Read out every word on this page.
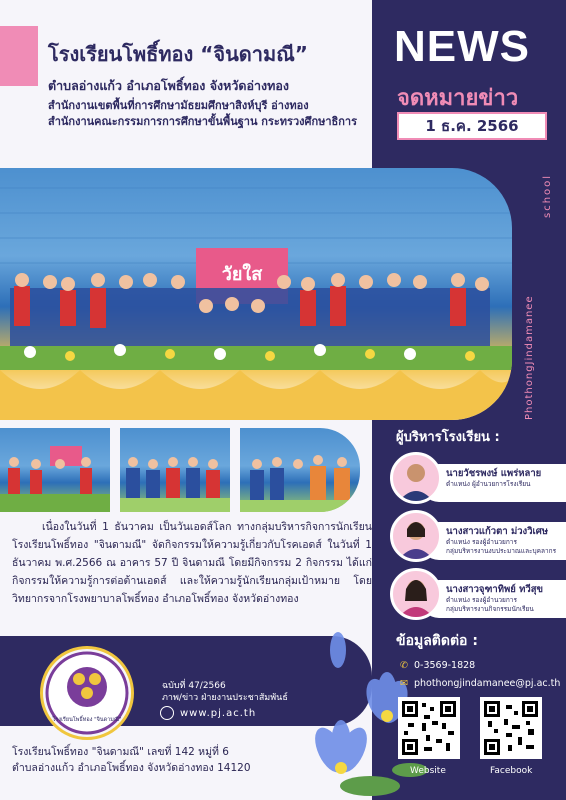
โรงเรียนโพธิ์ทอง “จินดามณี”
ตำบลอ่างแก้ว อำเภอโพธิ์ทอง จังหวัดอ่างทอง
สำนักงานเขตพื้นที่การศึกษามัธยมศึกษาสิงห์บุรี อ่างทอง
สำนักงานคณะกรรมการการศึกษาขั้นพื้นฐาน กระทรวงศึกษาธิการ
NEWS
จดหมายข่าว
1 ธ.ค. 2566
วัยใส
PhothongJindamanee
school
ผู้บริหารโรงเรียน :
นายวัชรพงษ์ แพร่หลาย
ตำแหน่ง ผู้อำนวยการโรงเรียน
นางสาวแก้วตา ม่วงวิเศษ
ตำแหน่ง รองผู้อำนวยการ
กลุ่มบริหารงานงบประมาณและบุคลากร
นางสาวจุฑาทิพย์ ทวีสุข
ตำแหน่ง รองผู้อำนวยการ
กลุ่มบริหารงานกิจกรรมนักเรียน
เนื่องในวันที่ 1 ธันวาคม เป็นวันเอดส์โลก ทางกลุ่มบริหารกิจการนักเรียน โรงเรียนโพธิ์ทอง "จินดามณี" จัดกิจกรรมให้ความรู้เกี่ยวกับโรคเอดส์ ในวันที่ 1 ธันวาคม พ.ศ.2566 ณ อาคาร 57 ปี จินดามณี โดยมีกิจกรรม 2 กิจกรรม ได้แก่ กิจกรรมให้ความรู้การต่อต้านเอดส์ และให้ความรู้นักเรียนกลุ่มเป้าหมาย โดยวิทยากรจากโรงพยาบาลโพธิ์ทอง อำเภอโพธิ์ทอง จังหวัดอ่างทอง
โรงเรียนโพธิ์ทอง "จินดามณี"
ฉบับที่ 47/2566
ภาพ/ข่าว ฝ่ายงานประชาสัมพันธ์
www.pj.ac.th
โรงเรียนโพธิ์ทอง "จินดามณี" เลขที่ 142 หมู่ที่ 6
ตำบลอ่างแก้ว อำเภอโพธิ์ทอง จังหวัดอ่างทอง 14120
ข้อมูลติดต่อ :
✆ 0-3569-1828
✉ phothongjindamanee@pj.ac.th
Website	Facebook
